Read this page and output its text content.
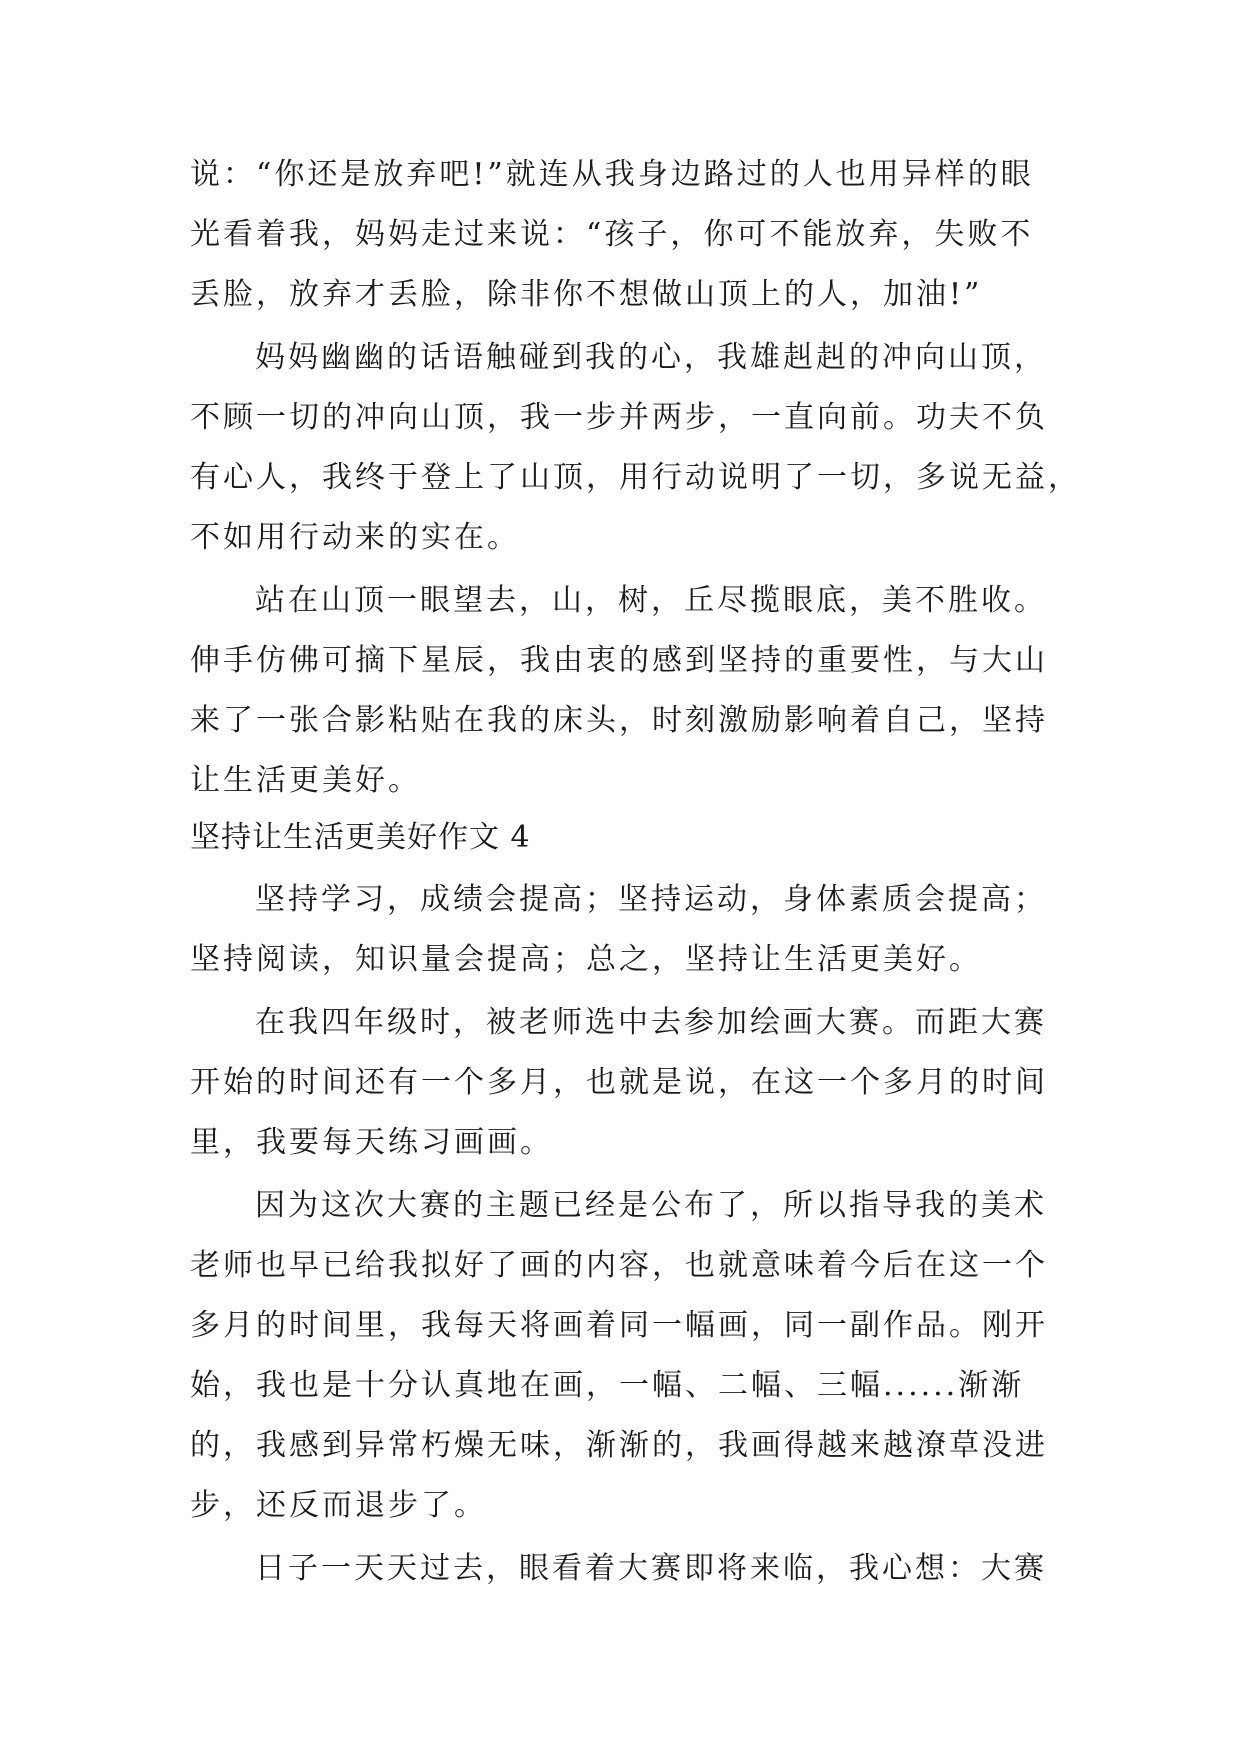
说：“你还是放弃吧!”就连从我身边路过的人也用异样的眼
光看着我，妈妈走过来说：“孩子，你可不能放弃，失败不
丢脸，放弃才丢脸，除非你不想做山顶上的人，加油!”
妈妈幽幽的话语触碰到我的心，我雄赳赳的冲向山顶，
不顾一切的冲向山顶，我一步并两步，一直向前。功夫不负
有心人，我终于登上了山顶，用行动说明了一切，多说无益，
不如用行动来的实在。
站在山顶一眼望去，山，树，丘尽揽眼底，美不胜收。
伸手仿佛可摘下星辰，我由衷的感到坚持的重要性，与大山
来了一张合影粘贴在我的床头，时刻激励影响着自己，坚持
让生活更美好。
坚持让生活更美好作文 4
坚持学习，成绩会提高；坚持运动，身体素质会提高；
坚持阅读，知识量会提高；总之，坚持让生活更美好。
在我四年级时，被老师选中去参加绘画大赛。而距大赛
开始的时间还有一个多月，也就是说，在这一个多月的时间
里，我要每天练习画画。
因为这次大赛的主题已经是公布了，所以指导我的美术
老师也早已给我拟好了画的内容，也就意味着今后在这一个
多月的时间里，我每天将画着同一幅画，同一副作品。刚开
始，我也是十分认真地在画，一幅、二幅、三幅......渐渐
的，我感到异常朽燥无味，渐渐的，我画得越来越潦草没进
步，还反而退步了。
日子一天天过去，眼看着大赛即将来临，我心想：大赛
